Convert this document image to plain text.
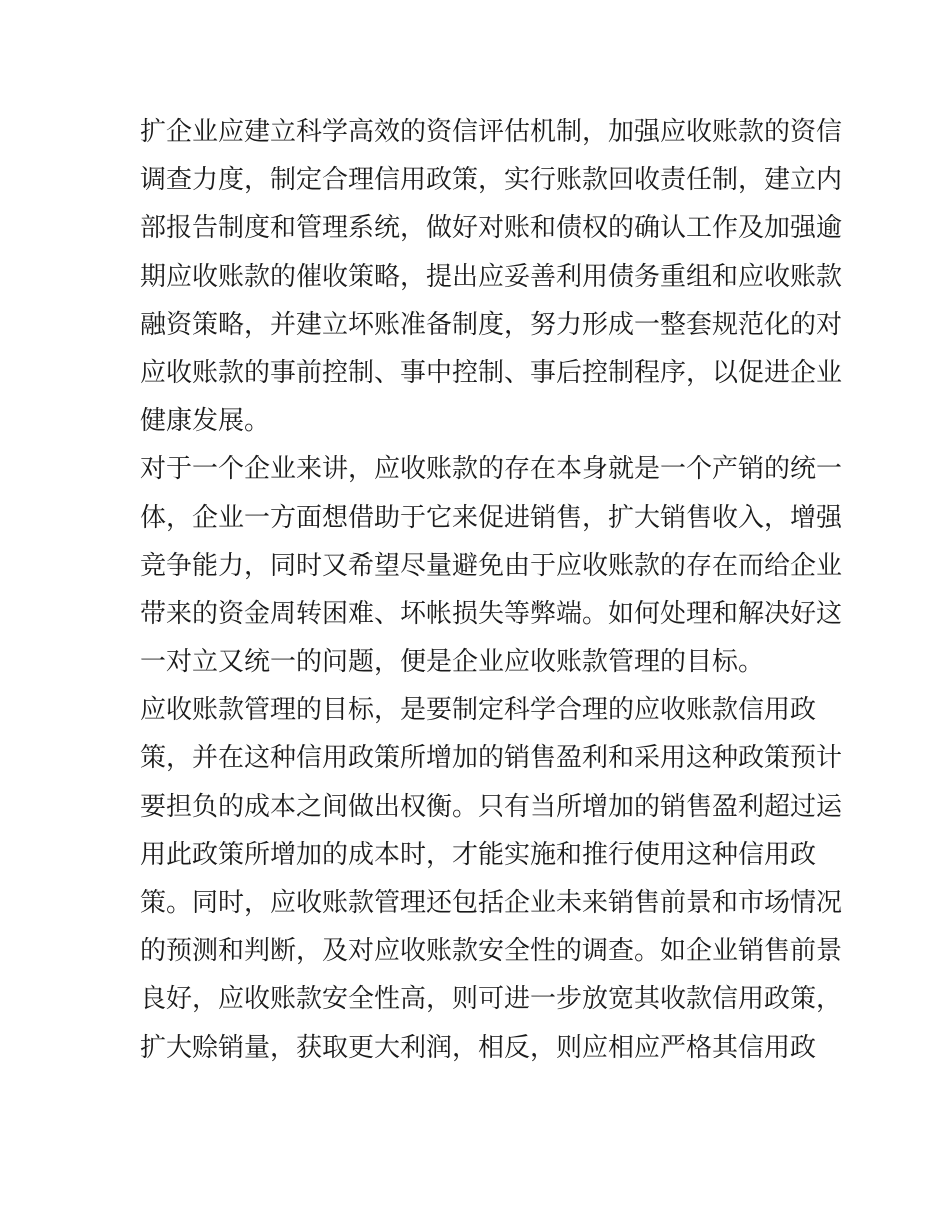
扩企业应建立科学高效的资信评估机制，加强应收账款的资信
调查力度，制定合理信用政策，实行账款回收责任制，建立内
部报告制度和管理系统，做好对账和债权的确认工作及加强逾
期应收账款的催收策略，提出应妥善利用债务重组和应收账款
融资策略，并建立坏账准备制度，努力形成一整套规范化的对
应收账款的事前控制、事中控制、事后控制程序，以促进企业
健康发展。
对于一个企业来讲，应收账款的存在本身就是一个产销的统一
体，企业一方面想借助于它来促进销售，扩大销售收入，增强
竞争能力，同时又希望尽量避免由于应收账款的存在而给企业
带来的资金周转困难、坏帐损失等弊端。如何处理和解决好这
一对立又统一的问题，便是企业应收账款管理的目标。
应收账款管理的目标，是要制定科学合理的应收账款信用政
策，并在这种信用政策所增加的销售盈利和采用这种政策预计
要担负的成本之间做出权衡。只有当所增加的销售盈利超过运
用此政策所增加的成本时，才能实施和推行使用这种信用政
策。同时，应收账款管理还包括企业未来销售前景和市场情况
的预测和判断，及对应收账款安全性的调查。如企业销售前景
良好，应收账款安全性高，则可进一步放宽其收款信用政策，
扩大赊销量，获取更大利润，相反，则应相应严格其信用政
